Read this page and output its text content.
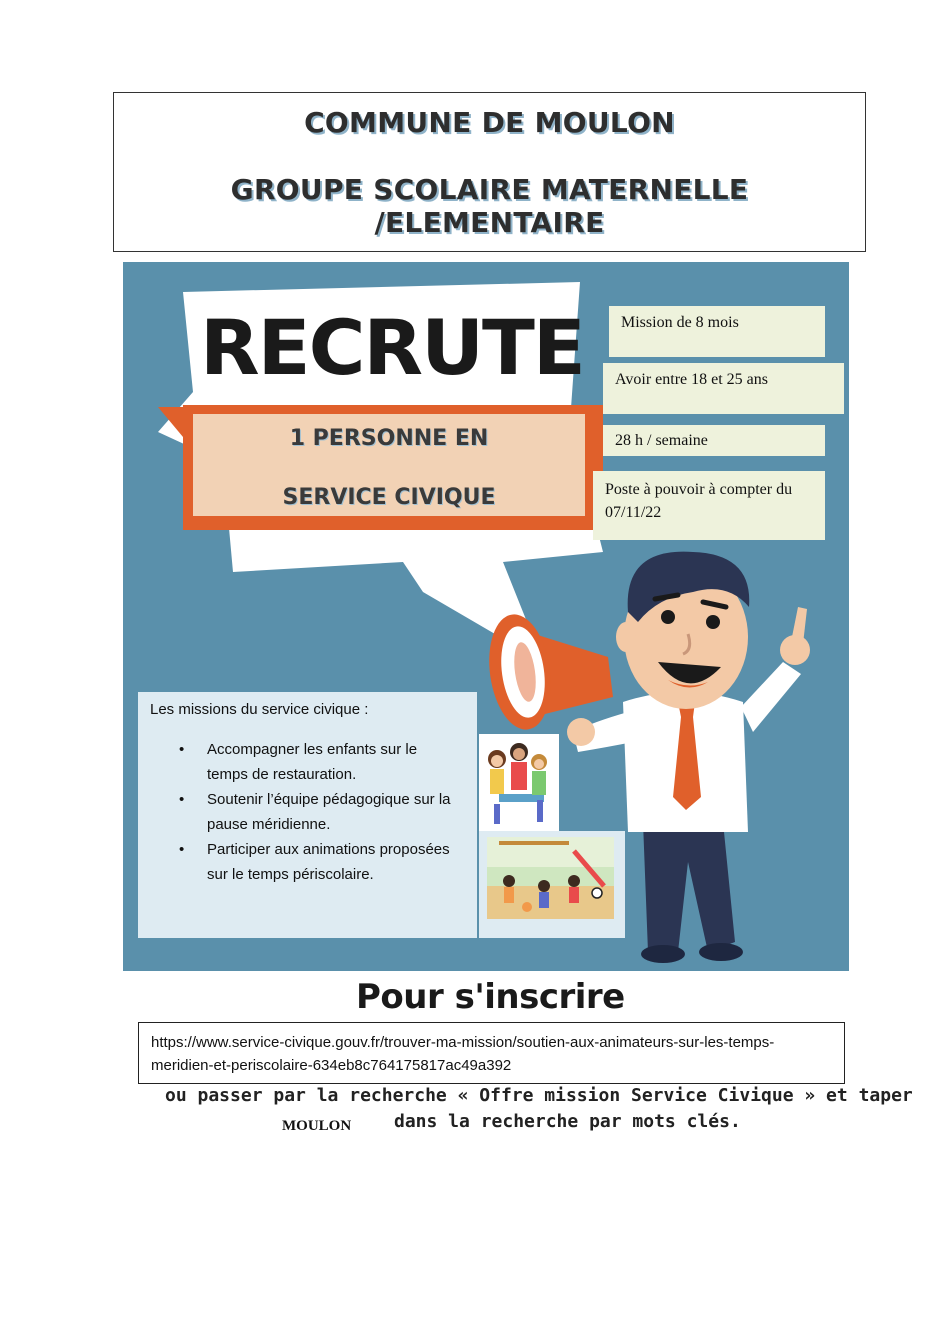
COMMUNE DE MOULON
GROUPE SCOLAIRE MATERNELLE /ELEMENTAIRE
RECRUTE
1 PERSONNE EN
SERVICE CIVIQUE
Mission de 8 mois
Avoir entre 18 et 25 ans
28 h / semaine
Poste à pouvoir à compter du
07/11/22
Les missions du service civique :
• Accompagner les enfants sur le
temps de restauration.
• Soutenir l’équipe pédagogique sur la
pause méridienne.
• Participer aux animations proposées
sur le temps périscolaire.
Pour s'inscrire
https://www.service-civique.gouv.fr/trouver-ma-mission/soutien-aux-animateurs-sur-les-temps-
meridien-et-periscolaire-634eb8c764175817ac49a392
ou passer par la recherche « Offre mission Service Civique » et taper
MOULON dans la recherche par mots clés.
